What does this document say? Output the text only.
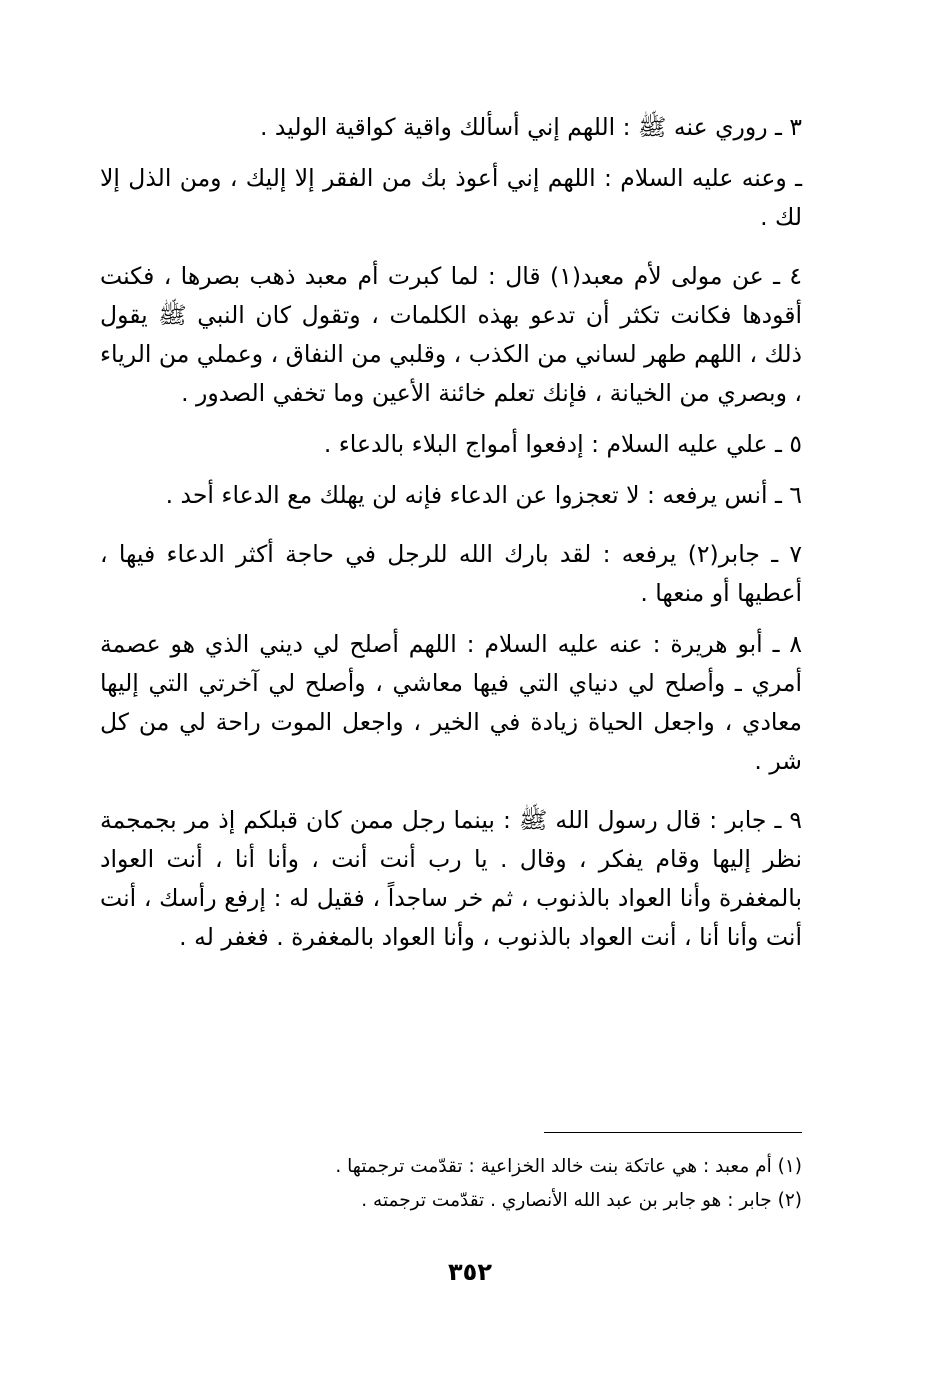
٣ ـ روري عنه ﷺ : اللهم إني أسألك واقية كواقية الوليد .

ـ وعنه عليه السلام : اللهم إني أعوذ بك من الفقر إلا إليك ، ومن الذل إلا لك .

٤ ـ عن مولى لأم معبد(١) قال : لما كبرت أم معبد ذهب بصرها ، فكنت أقودها فكانت تكثر أن تدعو بهذه الكلمات ، وتقول كان النبي ﷺ يقول ذلك ، اللهم طهر لساني من الكذب ، وقلبي من النفاق ، وعملي من الرياء ، وبصري من الخيانة ، فإنك تعلم خائنة الأعين وما تخفي الصدور .

٥ ـ علي عليه السلام : إدفعوا أمواج البلاء بالدعاء .

٦ ـ أنس يرفعه : لا تعجزوا عن الدعاء فإنه لن يهلك مع الدعاء أحد .

٧ ـ جابر(٢) يرفعه : لقد بارك الله للرجل في حاجة أكثر الدعاء فيها ، أعطيها أو منعها .

٨ ـ أبو هريرة : عنه عليه السلام : اللهم أصلح لي ديني الذي هو عصمة أمري ـ وأصلح لي دنياي التي فيها معاشي ، وأصلح لي آخرتي التي إليها معادي ، واجعل الحياة زيادة في الخير ، واجعل الموت راحة لي من كل شر .

٩ ـ جابر : قال رسول الله ﷺ : بينما رجل ممن كان قبلكم إذ مر بجمجمة نظر إليها وقام يفكر ، وقال . يا رب أنت أنت ، وأنا أنا ، أنت العواد بالمغفرة وأنا العواد بالذنوب ، ثم خر ساجداً ، فقيل له : إرفع رأسك ، أنت أنت وأنا أنا ، أنت العواد بالذنوب ، وأنا العواد بالمغفرة . فغفر له .

(١) أم معبد : هي عاتكة بنت خالد الخزاعية : تقدّمت ترجمتها .

(٢) جابر : هو جابر بن عبد الله الأنصاري . تقدّمت ترجمته .

٣٥٢
